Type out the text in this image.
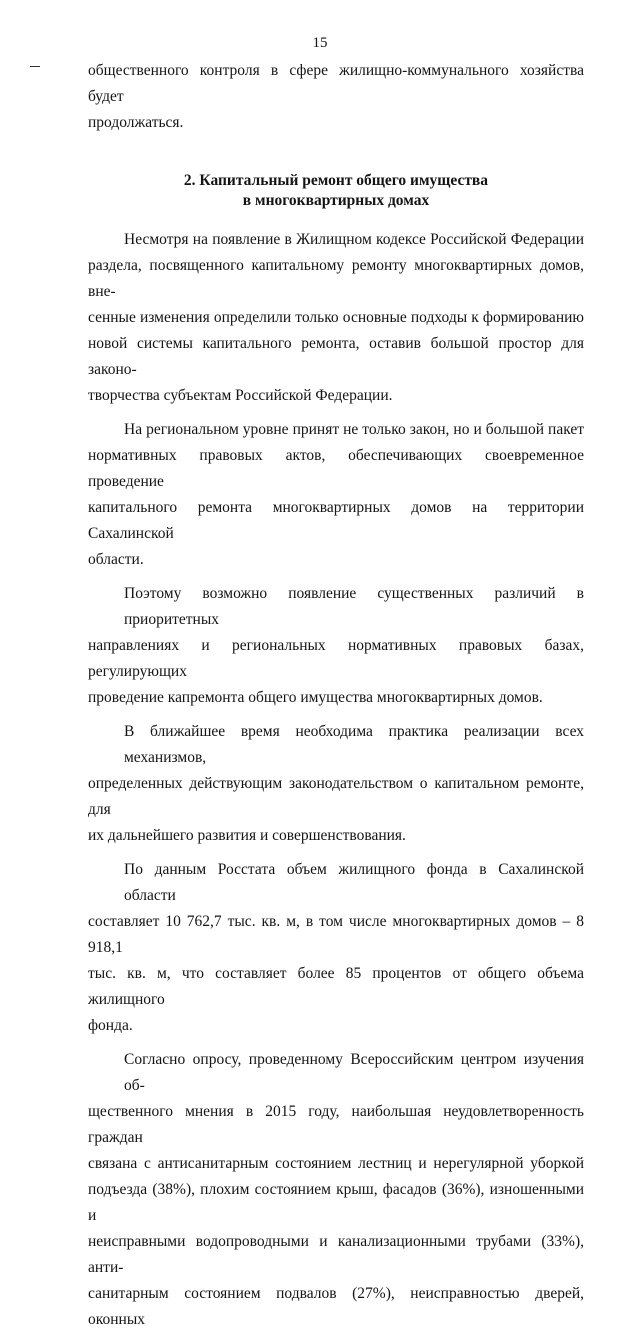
15

общественного контроля в сфере жилищно-коммунального хозяйства будет
продолжаться.
2. Капитальный ремонт общего имущества
в многоквартирных домах
Несмотря на появление в Жилищном кодексе Российской Федерации
раздела, посвященного капитальному ремонту многоквартирных домов, вне-
сенные изменения определили только основные подходы к формированию
новой системы капитального ремонта, оставив большой простор для законо-
творчества субъектам Российской Федерации.
На региональном уровне принят не только закон, но и большой пакет
нормативных правовых актов, обеспечивающих своевременное проведение
капитального ремонта многоквартирных домов на территории Сахалинской
области.
Поэтому возможно появление существенных различий в приоритетных
направлениях и региональных нормативных правовых базах, регулирующих
проведение капремонта общего имущества многоквартирных домов.
В ближайшее время необходима практика реализации всех механизмов,
определенных действующим законодательством о капитальном ремонте, для
их дальнейшего развития и совершенствования.
По данным Росстата объем жилищного фонда в Сахалинской области
составляет 10 762,7 тыс. кв. м, в том числе многоквартирных домов – 8 918,1
тыс. кв. м, что составляет более 85 процентов от общего объема жилищного
фонда.
Согласно опросу, проведенному Всероссийским центром изучения об-
щественного мнения в 2015 году, наибольшая неудовлетворенность граждан
связана с антисанитарным состоянием лестниц и нерегулярной уборкой
подъезда (38%), плохим состоянием крыш, фасадов (36%), изношенными и
неисправными водопроводными и канализационными трубами (33%), анти-
санитарным состоянием подвалов (27%), неисправностью дверей, оконных
